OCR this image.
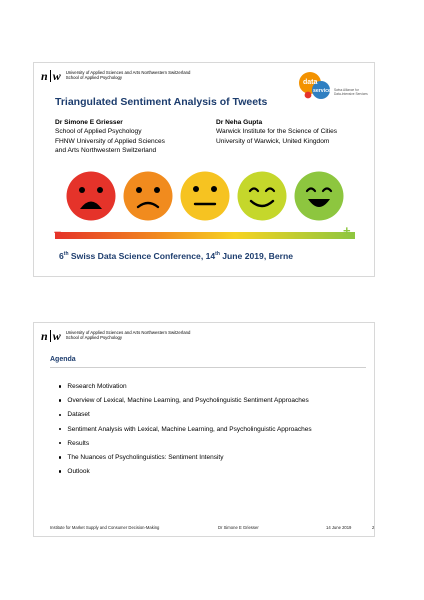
n w University of Applied Sciences and Arts Northwestern Switzerland
School of Applied Psychology
data
service Swiss Alliance for
Data-Intensive Services
Triangulated Sentiment Analysis of Tweets
Dr Simone E Griesser
School of Applied Psychology
FHNW University of Applied Sciences
and Arts Northwestern Switzerland
Dr Neha Gupta
Warwick Institute for the Science of Cities
University of Warwick, United Kingdom
–	+
6th Swiss Data Science Conference, 14th June 2019, Berne
n w University of Applied Sciences and Arts Northwestern Switzerland
School of Applied Psychology
Agenda
Research Motivation
Overview of Lexical, Machine Learning, and Psycholinguistic Sentiment Approaches
Dataset
Sentiment Analysis with Lexical, Machine Learning, and Psycholinguistic Approaches
Results
The Nuances of Psycholinguistics: Sentiment Intensity
Outlook
Institute for Market Supply and Consumer Decision-Making	Dr Simone E Griesser	14 June 2019	2
